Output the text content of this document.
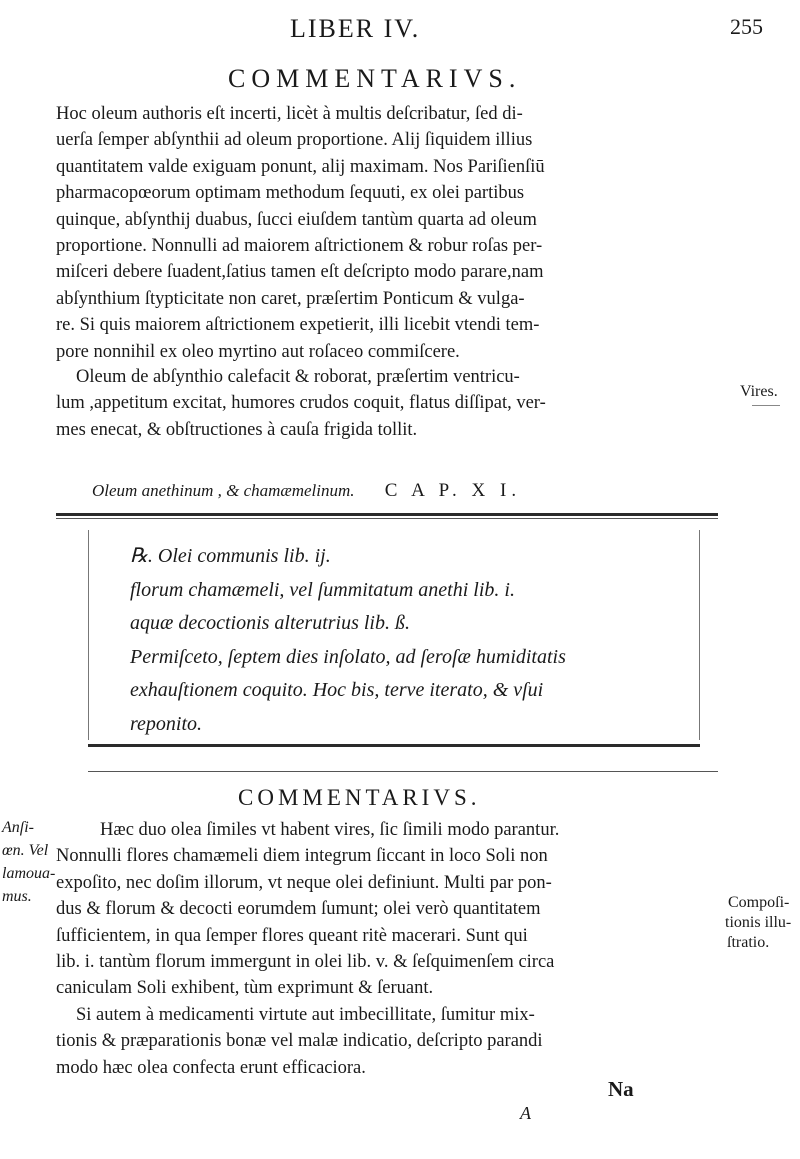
LIBER IV.	255
COMMENTARIVS.
Hoc oleum authoris eſt incerti, licèt à multis deſcribatur, ſed di-
uerſa ſemper abſynthii ad oleum proportione. Alij ſiquidem illius
quantitatem valde exiguam ponunt, alij maximam. Nos Pariſienſiū
pharmacopœorum optimam methodum ſequuti, ex olei partibus
quinque, abſynthij duabus, ſucci eiuſdem tantùm quarta ad oleum
proportione. Nonnulli ad maiorem aſtrictionem & robur roſas per-
miſceri debere ſuadent,ſatius tamen eſt deſcripto modo parare,nam
abſynthium ſtypticitate non caret, præſertim Ponticum & vulga-
re. Si quis maiorem aſtrictionem expetierit, illi licebit vtendi tem-
pore nonnihil ex oleo myrtino aut roſaceo commiſcere.
Oleum de abſynthio calefacit & roborat, præſertim ventricu-
lum ,appetitum excitat, humores crudos coquit, flatus diſſipat, ver-
mes enecat, & obſtructiones à cauſa frigida tollit.
Vires.
Oleum anethinum , & chamæmelinum. C A P. X I.
℞. Olei communis lib. ij.
florum chamæmeli, vel ſummitatum anethi lib. i.
aquæ decoctionis alterutrius lib. ß.
Permiſceto, ſeptem dies inſolato, ad ſeroſæ humiditatis
exhauſtionem coquito. Hoc bis, terve iterato, & vſui
reponito.
COMMENTARIVS.
Anſi-
œn. Vel
lamoua-
mus.
Hæc duo olea ſimiles vt habent vires, ſic ſimili modo parantur.
Nonnulli flores chamæmeli diem integrum ſiccant in loco Soli non
expoſito, nec doſim illorum, vt neque olei definiunt. Multi par pon-
dus & florum & decocti eorumdem ſumunt; olei verò quantitatem
ſufficientem, in qua ſemper flores queant ritè macerari. Sunt qui
lib. i. tantùm florum immergunt in olei lib. v. & ſeſquimenſem circa
caniculam Soli exhibent, tùm exprimunt & ſeruant.
Si autem à medicamenti virtute aut imbecillitate, ſumitur mix-
tionis & præparationis bonæ vel malæ indicatio, deſcripto parandi
modo hæc olea confecta erunt efficaciora.
Compoſi-
tionis illu-
ſtratio.
Na
A
